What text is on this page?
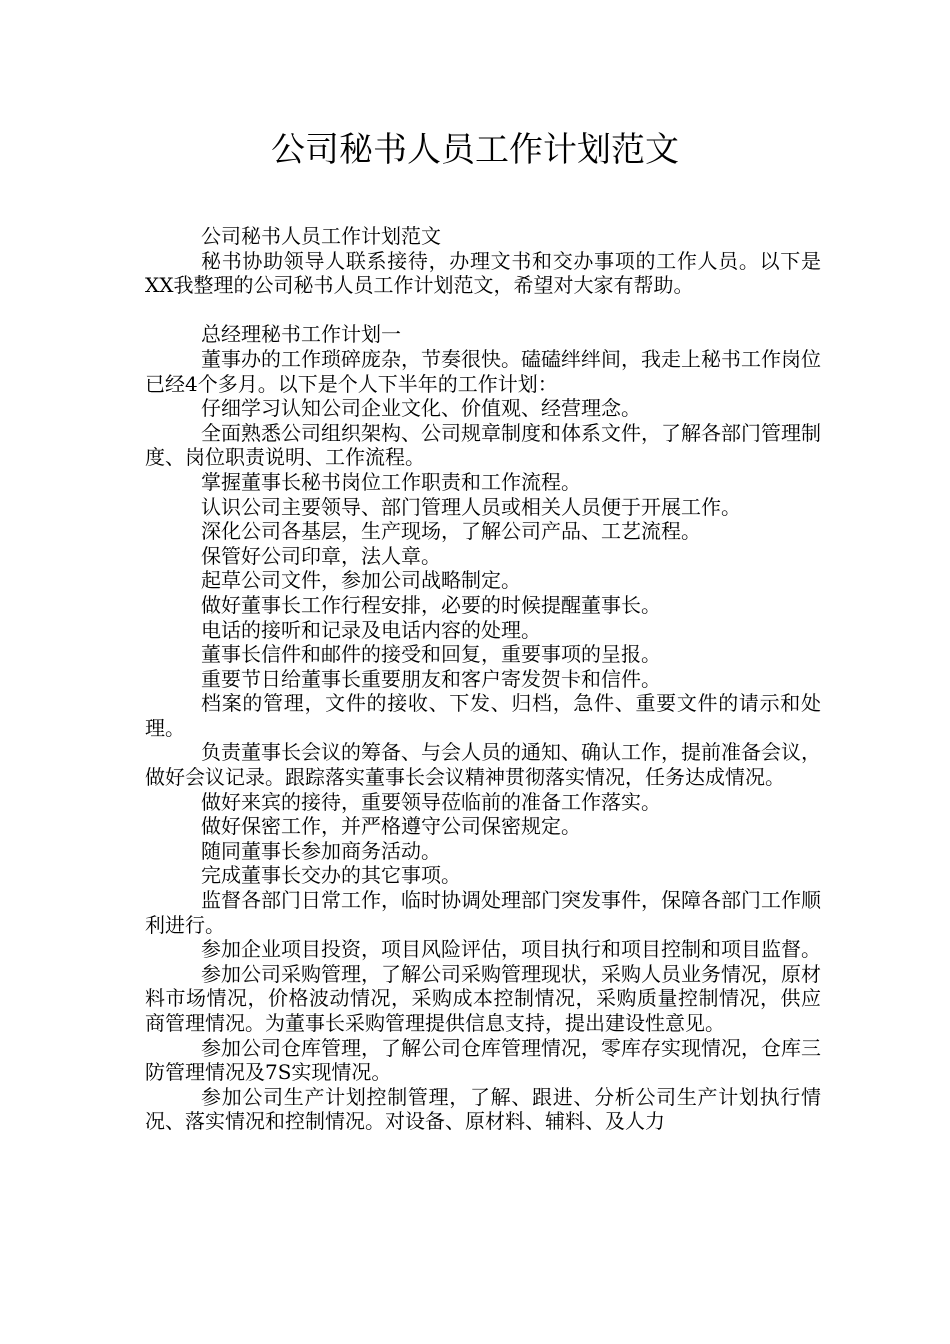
公司秘书人员工作计划范文

公司秘书人员工作计划范文

秘书协助领导人联系接待，办理文书和交办事项的工作人员。以下是XX我整理的公司秘书人员工作计划范文，希望对大家有帮助。

总经理秘书工作计划一

董事办的工作琐碎庞杂，节奏很快。磕磕绊绊间，我走上秘书工作岗位已经4个多月。以下是个人下半年的工作计划：

仔细学习认知公司企业文化、价值观、经营理念。

全面熟悉公司组织架构、公司规章制度和体系文件，了解各部门管理制度、岗位职责说明、工作流程。

掌握董事长秘书岗位工作职责和工作流程。

认识公司主要领导、部门管理人员或相关人员便于开展工作。

深化公司各基层，生产现场，了解公司产品、工艺流程。

保管好公司印章，法人章。

起草公司文件，参加公司战略制定。

做好董事长工作行程安排，必要的时候提醒董事长。

电话的接听和记录及电话内容的处理。

董事长信件和邮件的接受和回复，重要事项的呈报。

重要节日给董事长重要朋友和客户寄发贺卡和信件。

档案的管理，文件的接收、下发、归档，急件、重要文件的请示和处理。

负责董事长会议的筹备、与会人员的通知、确认工作，提前准备会议，做好会议记录。跟踪落实董事长会议精神贯彻落实情况，任务达成情况。

做好来宾的接待，重要领导莅临前的准备工作落实。

做好保密工作，并严格遵守公司保密规定。

随同董事长参加商务活动。

完成董事长交办的其它事项。

监督各部门日常工作，临时协调处理部门突发事件，保障各部门工作顺利进行。

参加企业项目投资，项目风险评估，项目执行和项目控制和项目监督。

参加公司采购管理，了解公司采购管理现状，采购人员业务情况，原材料市场情况，价格波动情况，采购成本控制情况，采购质量控制情况，供应商管理情况。为董事长采购管理提供信息支持，提出建设性意见。

参加公司仓库管理，了解公司仓库管理情况，零库存实现情况，仓库三防管理情况及7S实现情况。

参加公司生产计划控制管理，了解、跟进、分析公司生产计划执行情况、落实情况和控制情况。对设备、原材料、辅料、及人力
